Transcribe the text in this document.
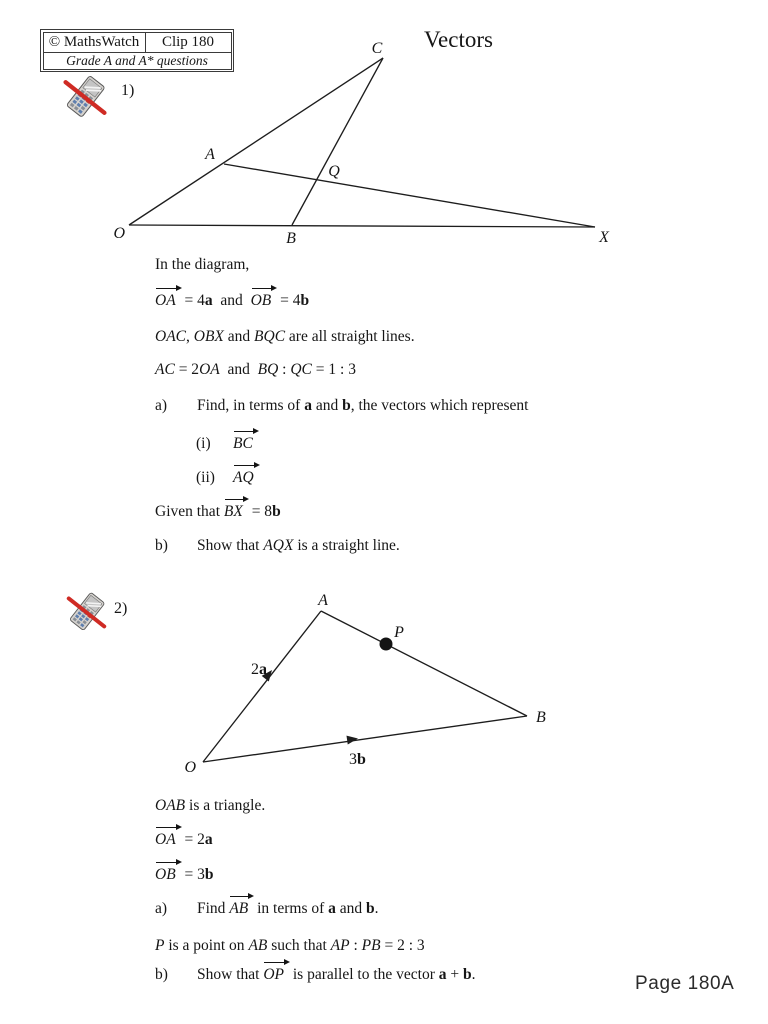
© MathsWatch	Clip 180
Grade A and A* questions
Vectors
1)
O
A
C
Q
B	X
In the diagram,
OA = 4a  and  OB = 4b
OAC, OBX and BQC are all straight lines.
AC = 2OA  and  BQ : QC = 1 : 3
a) Find, in terms of a and b, the vectors which represent
(i) BC
(ii) AQ
Given that BX = 8b
b) Show that AQX is a straight line.
2)
O
A
B
P
2a
3b
OAB is a triangle.
OA = 2a
OB = 3b
a) Find AB in terms of a and b.
P is a point on AB such that AP : PB = 2 : 3
b) Show that OP is parallel to the vector a + b.	Page 180A
